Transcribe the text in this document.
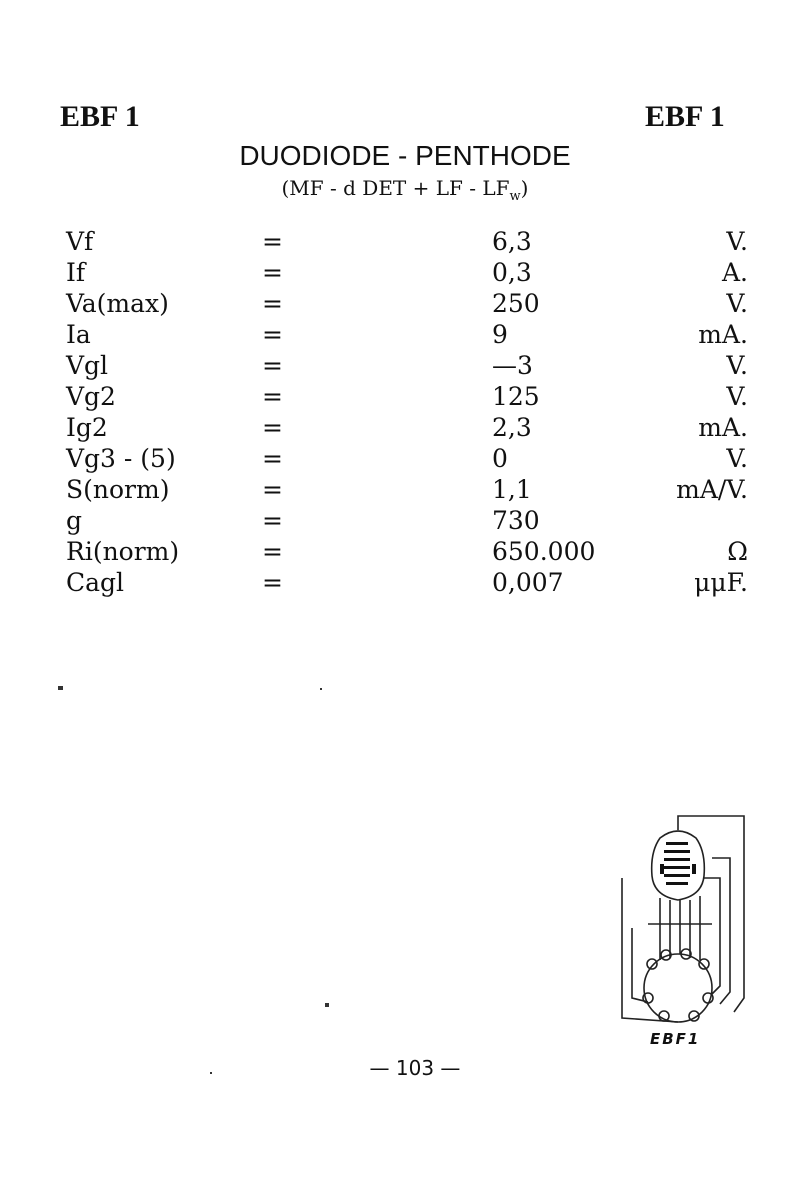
EBF 1	EBF 1
DUODIODE - PENTHODE
(MF - d DET + LF - $LF_w$)
Vf	=	6,3	V.
If	=	0,3	A.
Va(max)	=	250	V.
Ia	=	9	mA.
Vgl	=	—3	V.
Vg2	=	125	V.
Ig2	=	2,3	mA.
Vg3 - (5)	=	0	V.
S(norm)	=	1,1	mA/V.
g	=	730
Ri(norm)	=	650.000	Ω
Cagl	=	0,007	μμF.
EBF1
— 103 —
